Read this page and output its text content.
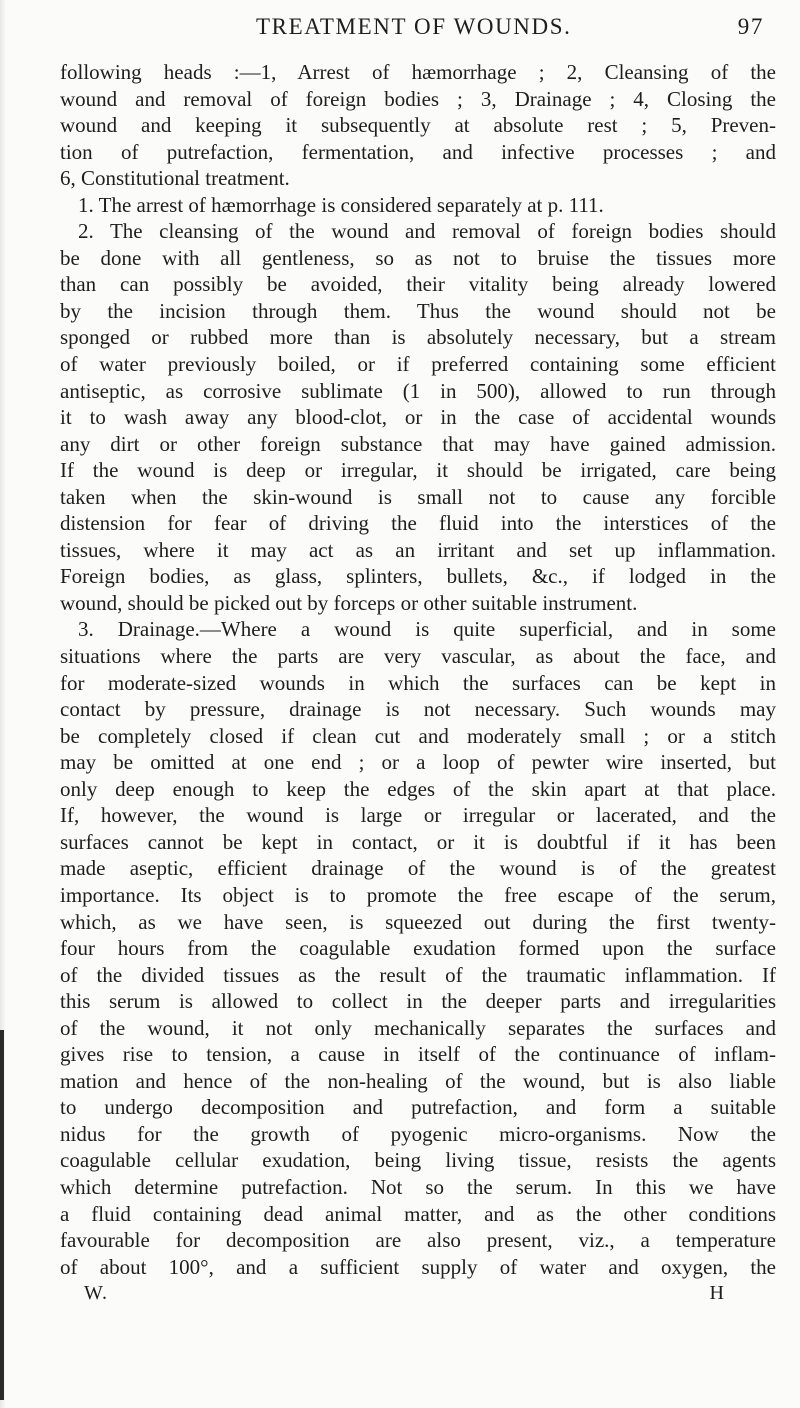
TREATMENT OF WOUNDS.	97
following heads :—1, Arrest of hæmorrhage ; 2, Cleansing of the
wound and removal of foreign bodies ; 3, Drainage ; 4, Closing the
wound and keeping it subsequently at absolute rest ; 5, Preven-
tion of putrefaction, fermentation, and infective processes ; and
6, Constitutional treatment.
1. The arrest of hæmorrhage is considered separately at p. 111.
2. The cleansing of the wound and removal of foreign bodies should
be done with all gentleness, so as not to bruise the tissues more
than can possibly be avoided, their vitality being already lowered
by the incision through them. Thus the wound should not be
sponged or rubbed more than is absolutely necessary, but a stream
of water previously boiled, or if preferred containing some efficient
antiseptic, as corrosive sublimate (1 in 500), allowed to run through
it to wash away any blood-clot, or in the case of accidental wounds
any dirt or other foreign substance that may have gained admission.
If the wound is deep or irregular, it should be irrigated, care being
taken when the skin-wound is small not to cause any forcible
distension for fear of driving the fluid into the interstices of the
tissues, where it may act as an irritant and set up inflammation.
Foreign bodies, as glass, splinters, bullets, &c., if lodged in the
wound, should be picked out by forceps or other suitable instrument.
3. Drainage.—Where a wound is quite superficial, and in some
situations where the parts are very vascular, as about the face, and
for moderate-sized wounds in which the surfaces can be kept in
contact by pressure, drainage is not necessary. Such wounds may
be completely closed if clean cut and moderately small ; or a stitch
may be omitted at one end ; or a loop of pewter wire inserted, but
only deep enough to keep the edges of the skin apart at that place.
If, however, the wound is large or irregular or lacerated, and the
surfaces cannot be kept in contact, or it is doubtful if it has been
made aseptic, efficient drainage of the wound is of the greatest
importance. Its object is to promote the free escape of the serum,
which, as we have seen, is squeezed out during the first twenty-
four hours from the coagulable exudation formed upon the surface
of the divided tissues as the result of the traumatic inflammation. If
this serum is allowed to collect in the deeper parts and irregularities
of the wound, it not only mechanically separates the surfaces and
gives rise to tension, a cause in itself of the continuance of inflam-
mation and hence of the non-healing of the wound, but is also liable
to undergo decomposition and putrefaction, and form a suitable
nidus for the growth of pyogenic micro-organisms. Now the
coagulable cellular exudation, being living tissue, resists the agents
which determine putrefaction. Not so the serum. In this we have
a fluid containing dead animal matter, and as the other conditions
favourable for decomposition are also present, viz., a temperature
of about 100°, and a sufficient supply of water and oxygen, the
W.	H
